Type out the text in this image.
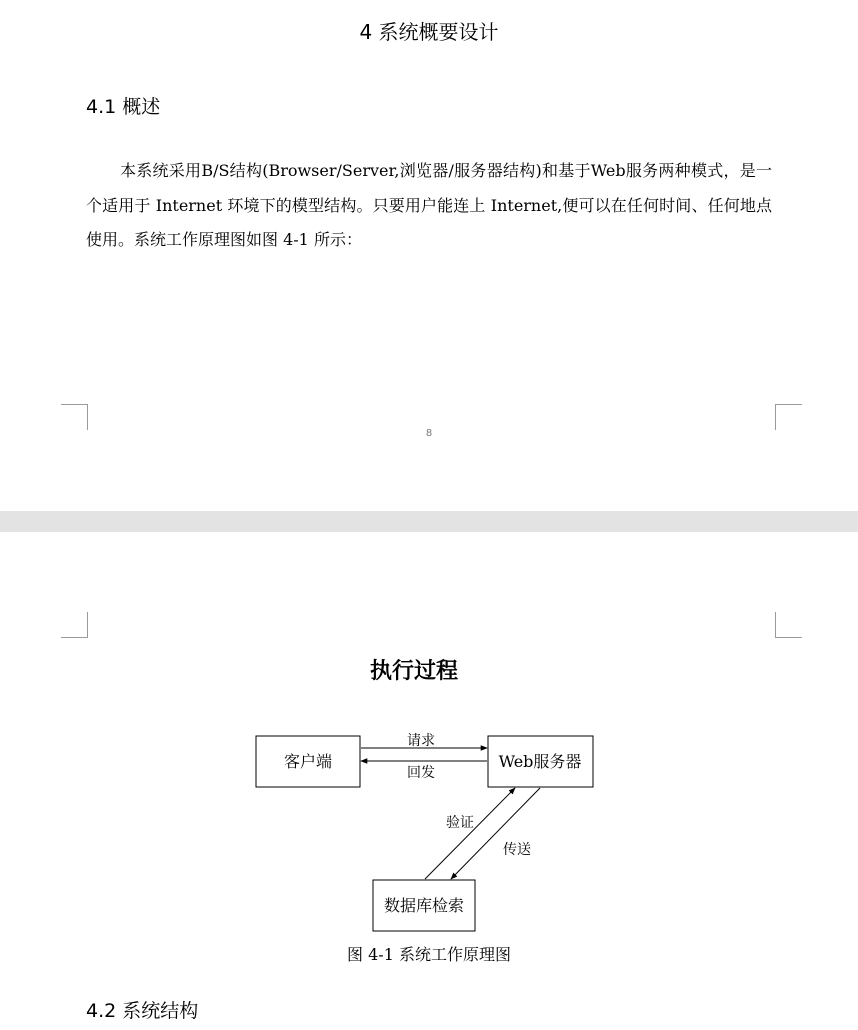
4 系统概要设计
4.1 概述

本系统采用B/S结构(Browser/Server,浏览器/服务器结构)和基于Web服务两种模式，是一个适用于 Internet 环境下的模型结构。只要用户能连上 Internet,便可以在任何时间、任何地点使用。系统工作原理图如图 4-1 所示：

8
执行过程
客户端	Web服务器
数据库检索
请求
回发
验证
传送
图 4-1 系统工作原理图
4.2 系统结构
